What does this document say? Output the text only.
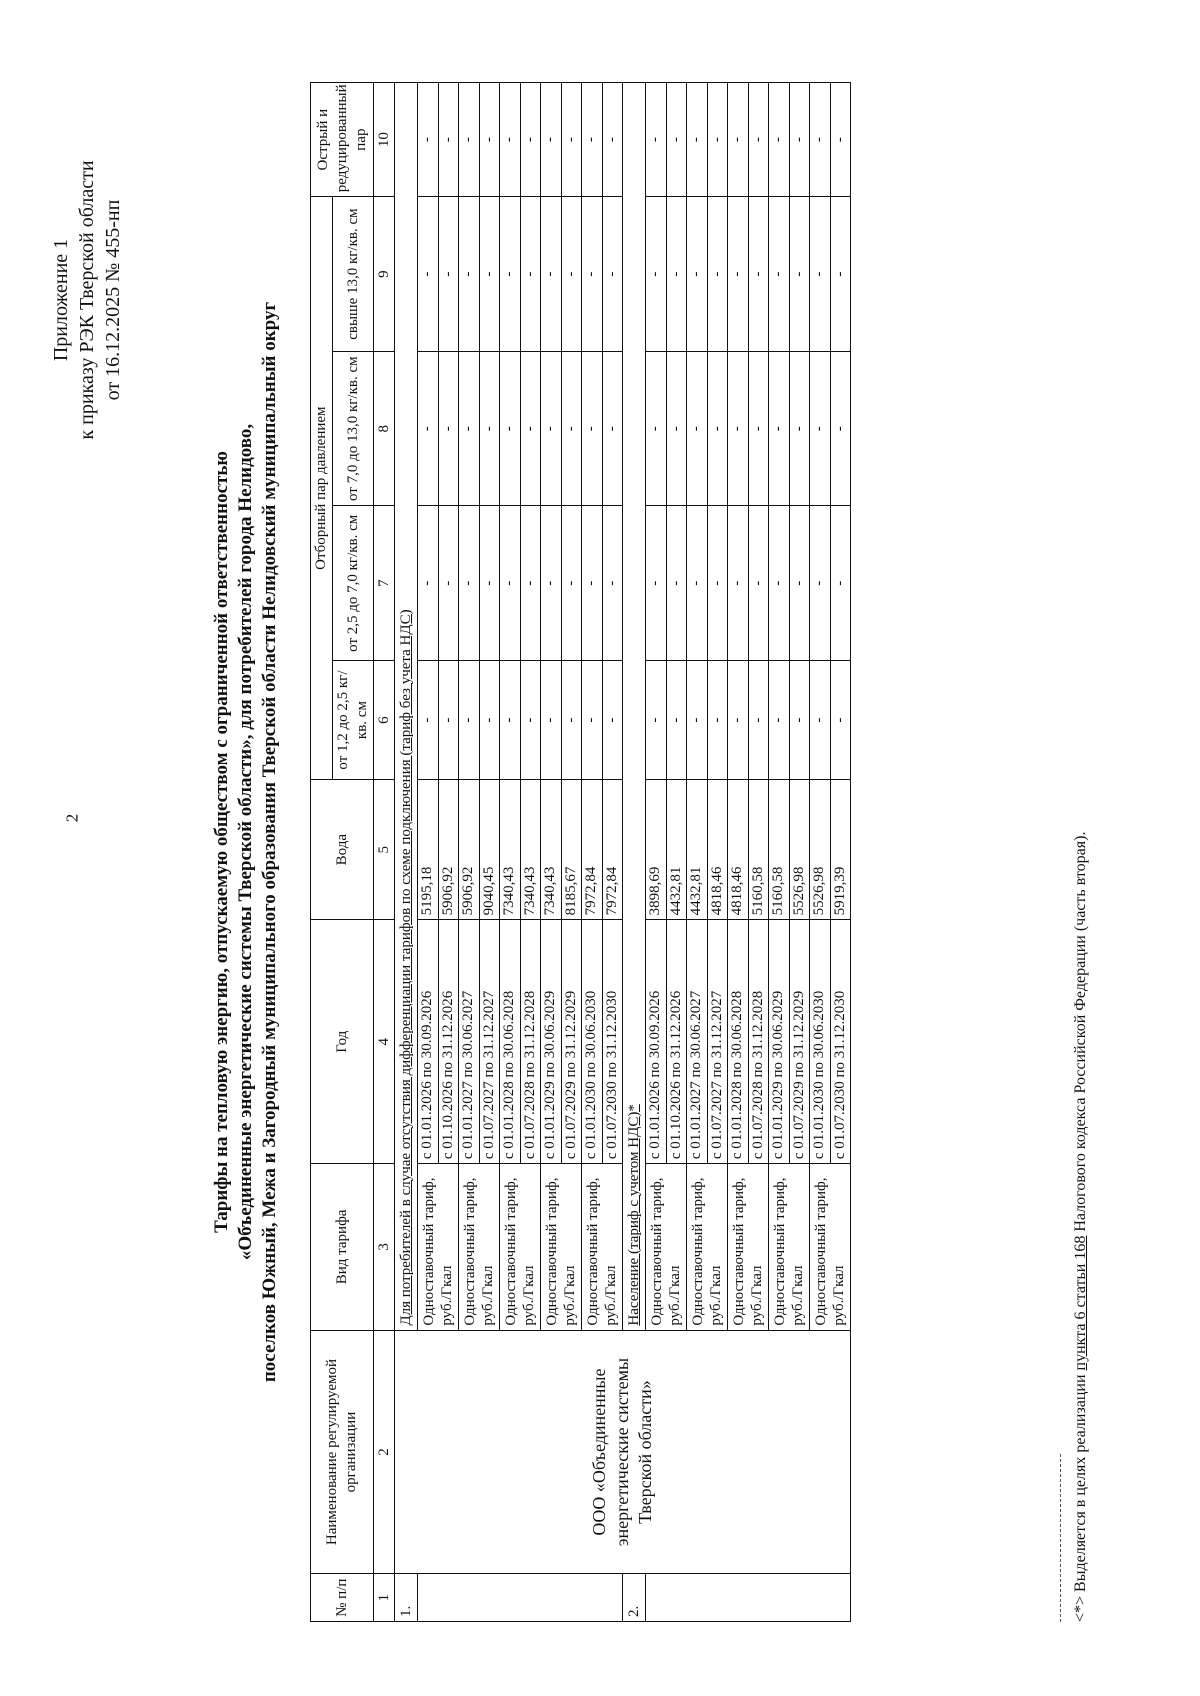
2
Приложение 1 к приказу РЭК Тверской области от 16.12.2025 № 455-нп
Тарифы на тепловую энергию, отпускаемую обществом с ограниченной ответственностью «Объединенные энергетические системы Тверской области», для потребителей города Нелидово, поселков Южный, Межа и Загородный муниципального образования Тверской области Нелидовский муниципальный округ
№ п/п	Наименование регулируемой организации	Вид тарифа	Год	Вода	Отборный пар давлением				Острый и редуцированный пар
					от 1,2 до 2,5 кг/кв. см	от 2,5 до 7,0 кг/кв. см	от 7,0 до 13,0 кг/кв. см	свыше 13,0 кг/кв. см	
1	2	3	4	5	6	7	8	9	10
1.	ООО «Объединенные энергетические системы Тверской области»	Для потребителей в случае отсутствия дифференциации тарифов по схеме подключения (тариф без учета НДС)							
		Одноставочный тариф, руб./Гкал	с 01.01.2026 по 30.09.2026	5195,18	-	-	-	-	-
			с 01.10.2026 по 31.12.2026	5906,92	-	-	-	-	-
		Одноставочный тариф, руб./Гкал	с 01.01.2027 по 30.06.2027	5906,92	-	-	-	-	-
			с 01.07.2027 по 31.12.2027	9040,45	-	-	-	-	-
		Одноставочный тариф, руб./Гкал	с 01.01.2028 по 30.06.2028	7340,43	-	-	-	-	-
			с 01.07.2028 по 31.12.2028	7340,43	-	-	-	-	-
		Одноставочный тариф, руб./Гкал	с 01.01.2029 по 30.06.2029	7340,43	-	-	-	-	-
			с 01.07.2029 по 31.12.2029	8185,67	-	-	-	-	-
		Одноставочный тариф, руб./Гкал	с 01.01.2030 по 30.06.2030	7972,84	-	-	-	-	-
			с 01.07.2030 по 31.12.2030	7972,84	-	-	-	-	-
2.		Население (тариф с учетом НДС)*							
		Одноставочный тариф, руб./Гкал	с 01.01.2026 по 30.09.2026	3898,69	-	-	-	-	-
			с 01.10.2026 по 31.12.2026	4432,81	-	-	-	-	-
		Одноставочный тариф, руб./Гкал	с 01.01.2027 по 30.06.2027	4432,81	-	-	-	-	-
			с 01.07.2027 по 31.12.2027	4818,46	-	-	-	-	-
		Одноставочный тариф, руб./Гкал	с 01.01.2028 по 30.06.2028	4818,46	-	-	-	-	-
			с 01.07.2028 по 31.12.2028	5160,58	-	-	-	-	-
		Одноставочный тариф, руб./Гкал	с 01.01.2029 по 30.06.2029	5160,58	-	-	-	-	-
			с 01.07.2029 по 31.12.2029	5526,98	-	-	-	-	-
		Одноставочный тариф, руб./Гкал	с 01.01.2030 по 30.06.2030	5526,98	-	-	-	-	-
			с 01.07.2030 по 31.12.2030	5919,39	-	-	-	-	-
<*> Выделяется в целях реализации пункта 6 статьи 168 Налогового кодекса Российской Федерации (часть вторая).
